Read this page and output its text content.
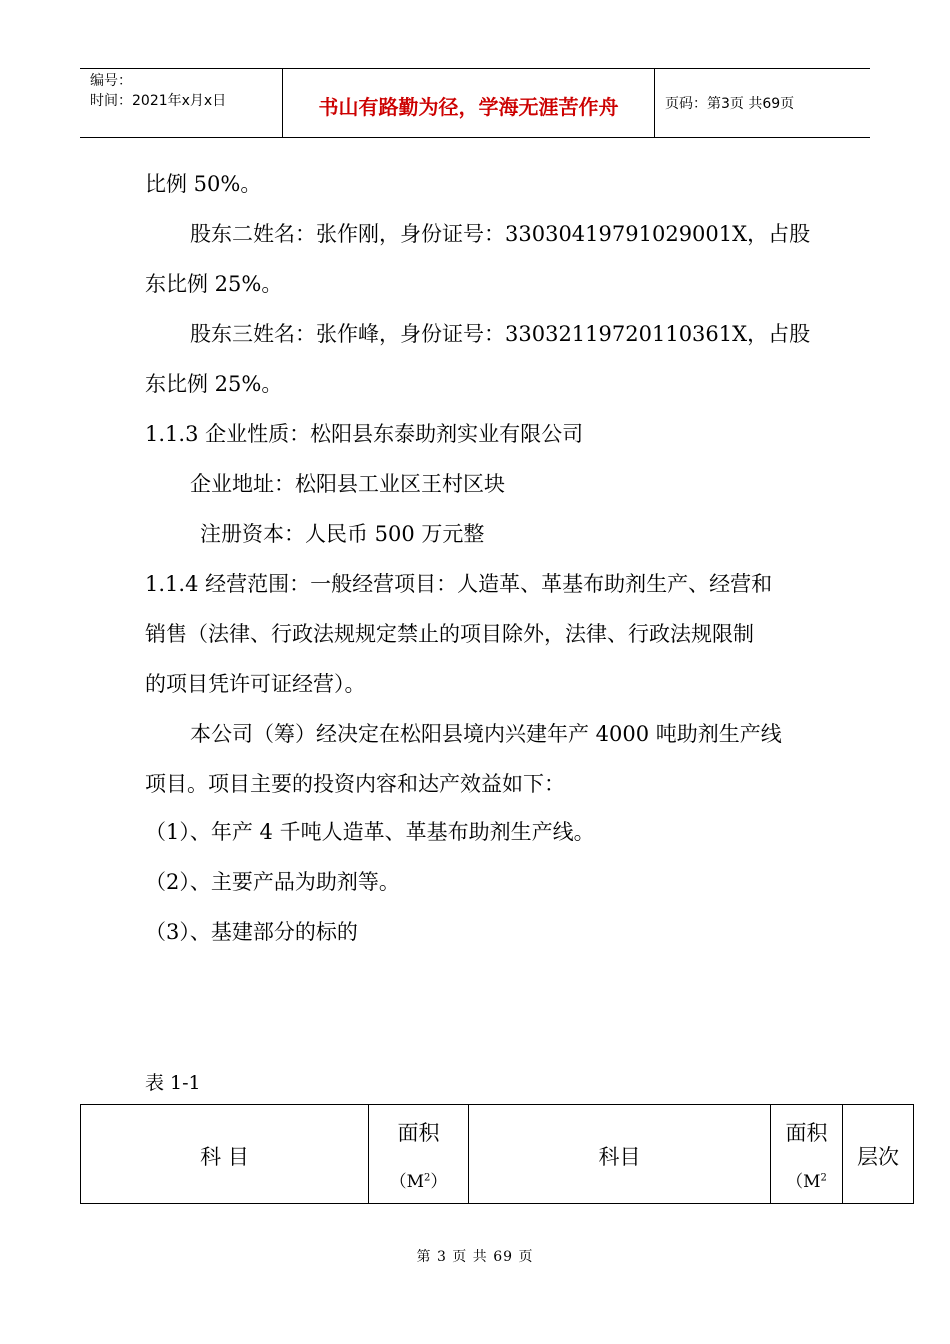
编号：
时间：2021年x月x日	书山有路勤为径，学海无涯苦作舟	页码：第3页 共69页
比例 50%。
股东二姓名：张作刚，身份证号：33030419791029001X，占股
东比例 25%。
股东三姓名：张作峰，身份证号：33032119720110361X，占股
东比例 25%。
1.1.3 企业性质：松阳县东泰助剂实业有限公司
企业地址：松阳县工业区王村区块
注册资本：人民币 500 万元整
1.1.4 经营范围：一般经营项目：人造革、革基布助剂生产、经营和
销售（法律、行政法规规定禁止的项目除外，法律、行政法规限制
的项目凭许可证经营）。
本公司（筹）经决定在松阳县境内兴建年产 4000 吨助剂生产线
项目。项目主要的投资内容和达产效益如下：
（1）、年产 4 千吨人造革、革基布助剂生产线。
（2）、主要产品为助剂等。
（3）、基建部分的标的
表 1-1
科 目
面积
$(M^2)$
科目
面积
（$M^2$
层次
第 3 页 共 69 页
